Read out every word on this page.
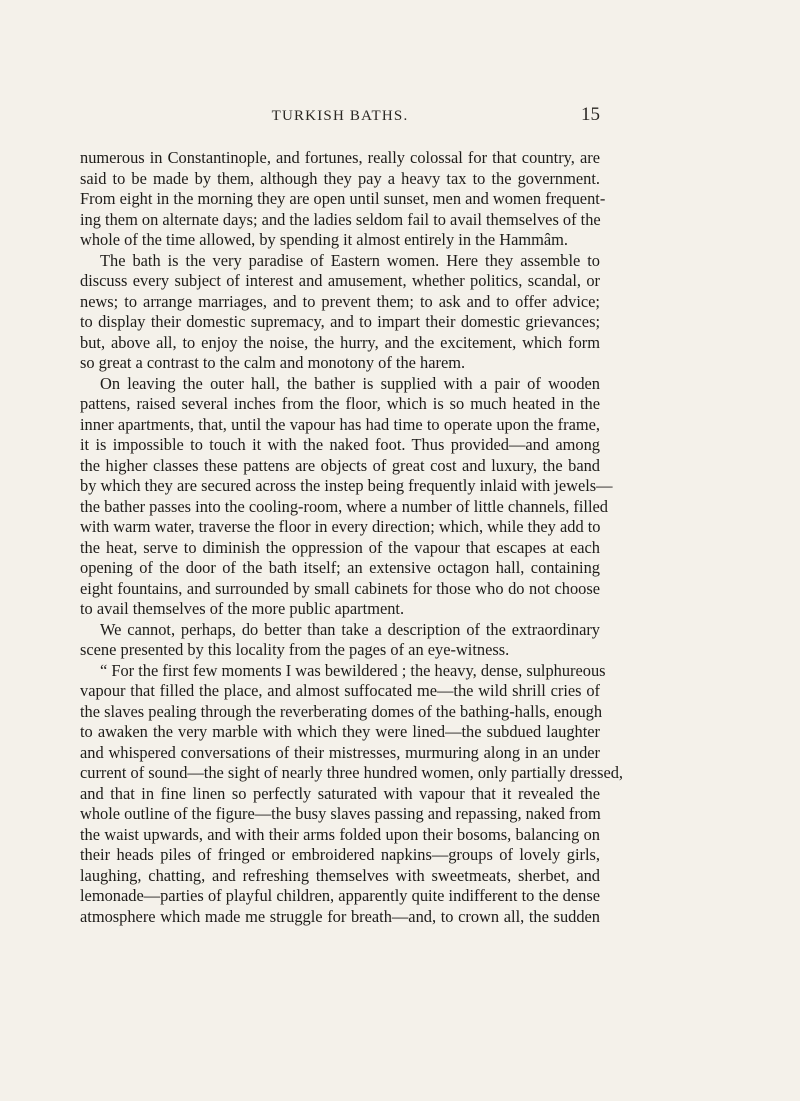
TURKISH BATHS.	15
numerous in Constantinople, and fortunes, really colossal for that country, are
said to be made by them, although they pay a heavy tax to the government.
From eight in the morning they are open until sunset, men and women frequent-
ing them on alternate days; and the ladies seldom fail to avail themselves of the
whole of the time allowed, by spending it almost entirely in the Hammâm.
The bath is the very paradise of Eastern women. Here they assemble to
discuss every subject of interest and amusement, whether politics, scandal, or
news; to arrange marriages, and to prevent them; to ask and to offer advice;
to display their domestic supremacy, and to impart their domestic grievances;
but, above all, to enjoy the noise, the hurry, and the excitement, which form
so great a contrast to the calm and monotony of the harem.
On leaving the outer hall, the bather is supplied with a pair of wooden
pattens, raised several inches from the floor, which is so much heated in the
inner apartments, that, until the vapour has had time to operate upon the frame,
it is impossible to touch it with the naked foot. Thus provided—and among
the higher classes these pattens are objects of great cost and luxury, the band
by which they are secured across the instep being frequently inlaid with jewels—
the bather passes into the cooling-room, where a number of little channels, filled
with warm water, traverse the floor in every direction; which, while they add to
the heat, serve to diminish the oppression of the vapour that escapes at each
opening of the door of the bath itself; an extensive octagon hall, containing
eight fountains, and surrounded by small cabinets for those who do not choose
to avail themselves of the more public apartment.
We cannot, perhaps, do better than take a description of the extraordinary
scene presented by this locality from the pages of an eye-witness.
“ For the first few moments I was bewildered ; the heavy, dense, sulphureous
vapour that filled the place, and almost suffocated me—the wild shrill cries of
the slaves pealing through the reverberating domes of the bathing-halls, enough
to awaken the very marble with which they were lined—the subdued laughter
and whispered conversations of their mistresses, murmuring along in an under
current of sound—the sight of nearly three hundred women, only partially dressed,
and that in fine linen so perfectly saturated with vapour that it revealed the
whole outline of the figure—the busy slaves passing and repassing, naked from
the waist upwards, and with their arms folded upon their bosoms, balancing on
their heads piles of fringed or embroidered napkins—groups of lovely girls,
laughing, chatting, and refreshing themselves with sweetmeats, sherbet, and
lemonade—parties of playful children, apparently quite indifferent to the dense
atmosphere which made me struggle for breath—and, to crown all, the sudden
